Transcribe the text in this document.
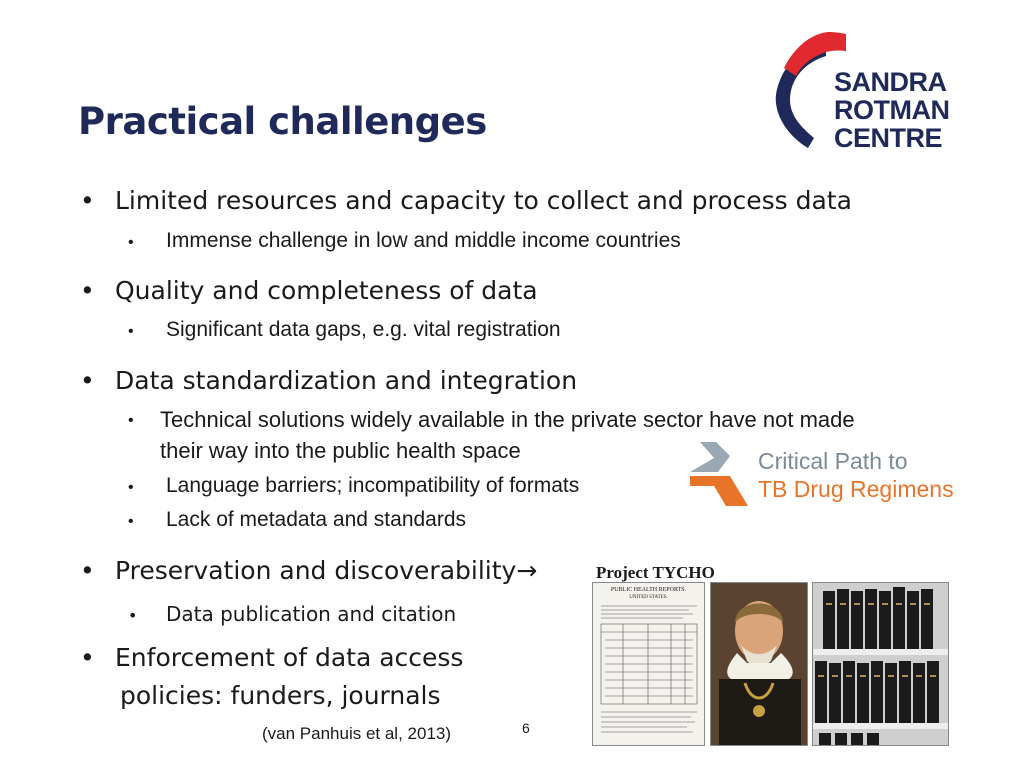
Practical challenges
SANDRA
ROTMAN
CENTRE
• Limited resources and capacity to collect and process data
• Immense challenge in low and middle income countries
• Quality and completeness of data
• Significant data gaps, e.g. vital registration
• Data standardization and integration
• Technical solutions widely available in the private sector have not made
their way into the public health space
• Language barriers; incompatibility of formats
• Lack of metadata and standards
Critical Path to
TB Drug Regimens
• Preservation and discoverability→
• Data publication and citation
• Enforcement of data access
policies: funders, journals
(van Panhuis et al, 2013)	6
Project TYCHO
PUBLIC HEALTH REPORTS.
UNITED STATES.
